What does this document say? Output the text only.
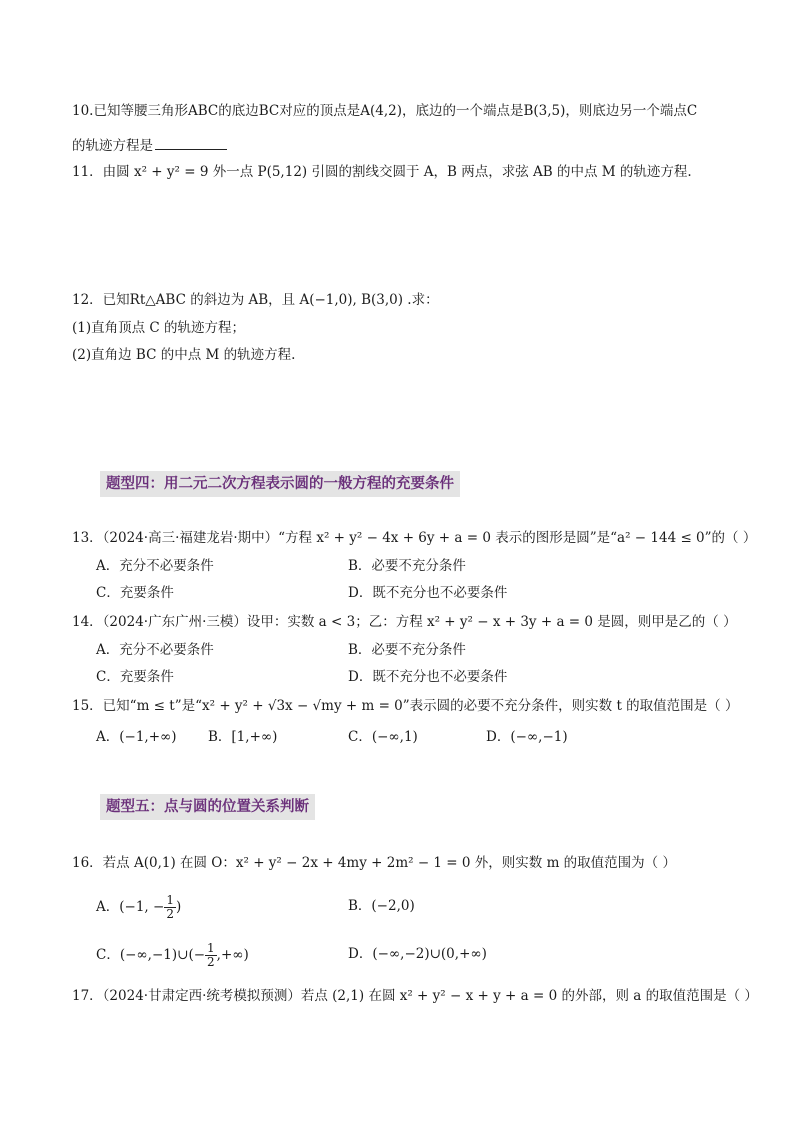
10.已知等腰三角形ABC的底边BC对应的顶点是A(4,2)，底边的一个端点是B(3,5)，则底边另一个端点C
的轨迹方程是
11．由圆 x² + y² = 9 外一点 P(5,12) 引圆的割线交圆于 A，B 两点，求弦 AB 的中点 M 的轨迹方程.
12．已知Rt△ABC 的斜边为 AB，且 A(−1,0), B(3,0) .求：
(1)直角顶点 C 的轨迹方程；
(2)直角边 BC 的中点 M 的轨迹方程.
题型四：用二元二次方程表示圆的一般方程的充要条件
13．（2024·高三·福建龙岩·期中）“方程 x² + y² − 4x + 6y + a = 0 表示的图形是圆”是“a² − 144 ≤ 0”的（ ）
A．充分不必要条件	B．必要不充分条件
C．充要条件	D．既不充分也不必要条件
14．（2024·广东广州·三模）设甲：实数 a < 3；乙：方程 x² + y² − x + 3y + a = 0 是圆，则甲是乙的（ ）
A．充分不必要条件	B．必要不充分条件
C．充要条件	D．既不充分也不必要条件
15．已知“m ≤ t”是“x² + y² + √3x − √my + m = 0”表示圆的必要不充分条件，则实数 t 的取值范围是（ ）
A．(−1,+∞) B．[1,+∞)	C．(−∞,1)	D．(−∞,−1)
题型五：点与圆的位置关系判断
16．若点 A(0,1) 在圆 O：x² + y² − 2x + 4my + 2m² − 1 = 0 外，则实数 m 的取值范围为（ ）
A．(−1, − $\frac{1}{2}$ )	B．(−2,0)
C．(−∞,−1)∪(− $\frac{1}{2}$ ,+∞)	D．(−∞,−2)∪(0,+∞)
17．（2024·甘肃定西·统考模拟预测）若点 (2,1) 在圆 x² + y² − x + y + a = 0 的外部，则 a 的取值范围是（ ）
